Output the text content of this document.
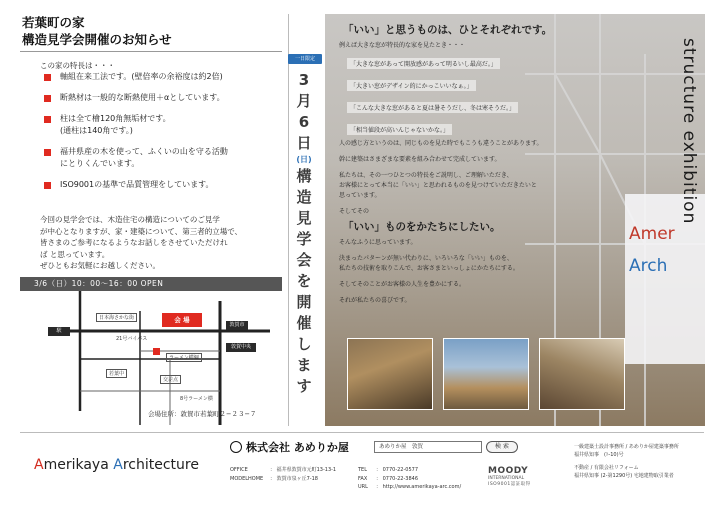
若葉町の家
構造見学会開催のお知らせ
この家の特長は・・・
軸組在来工法です。(壁倍率の余裕度は約2倍)
断熱材は一般的な断熱使用＋αとしています。
柱は全て檜120角無垢材です。
(通柱は140角です。)
福井県産の木を使って、ふくいの山を守る活動
にとりくんでいます。
ISO9001の基準で品質管理をしています。
今回の見学会では、木造住宅の構造についてのご見学
が中心となりますが、家・建築について、第三者的立場で、
皆さまのご参考になるようなお話しをさせていただけれ
ば と思っています。
ぜひともお気軽にお越しください。
3/6（日）10：00〜16：00 OPEN
駅
日本海さかな街
21号バイパス
会 場
ラーメン横綱
敦賀市
敦賀中央
交差点
8号ラーメン横
若葉中
会場住所：敦賀市若葉町２−２３−７
一日限定
3
月
6
日
(日)
構
造
見
学
会
を
開
催
し
ま
す
Amer
Arch
structure exhibition
「いい」と思うものは、ひとそれぞれです。
例えば大きな窓が特長的な家を見たとき・・・
「大きな窓があって開放感があって明るいし最高だ。」
「大きい窓がデザイン的にかっこいいなぁ。」
「こんな大きな窓があると夏は暑そうだし、冬は寒そうだ。」
「相当値段が高いんじゃないかな。」
人の感じ方というのは、同じものを見た時でもこうも違うことがあります。
幹に建築はさまざまな要素を組み合わせて完成しています。
私たちは、その一つひとつの特長をご説明し、ご理解いただき、
お客様にとって本当に「いい」と思われるものを見つけていただきたいと
思っています。
そしてその
「いい」ものをかたちにしたい。
そんなふうに思っています。
決まったパターンが無い代わりに、いろいろな「いい」ものを、
私たちの技術を取りこんで、お客さまといっしょにかたちにする。
そしてそのことがお客様の人生を豊かにする。
それが私たちの喜びです。
Amerikaya Architecture
株式会社 あめりか屋	あめりか屋　敦賀	検 索
OFFICE
MODELHOME
： 福井県敦賀市元町13-13-1
： 敦賀市泉ヶ丘7-18
TEL
FAX
URL
： 0770-22-0577
： 0770-22-3846
： http://www.amerikaya-arc.com/
MOODY
INTERNATIONAL
ISO9001認証取得
一級建築士設計事務所 / あめりか屋建築事務所
福井県知事　(ﾄ-10)号
不動産 / 有限会社リフォーム
福井県知事 (2-第1290号) 宅地建物取引業者
